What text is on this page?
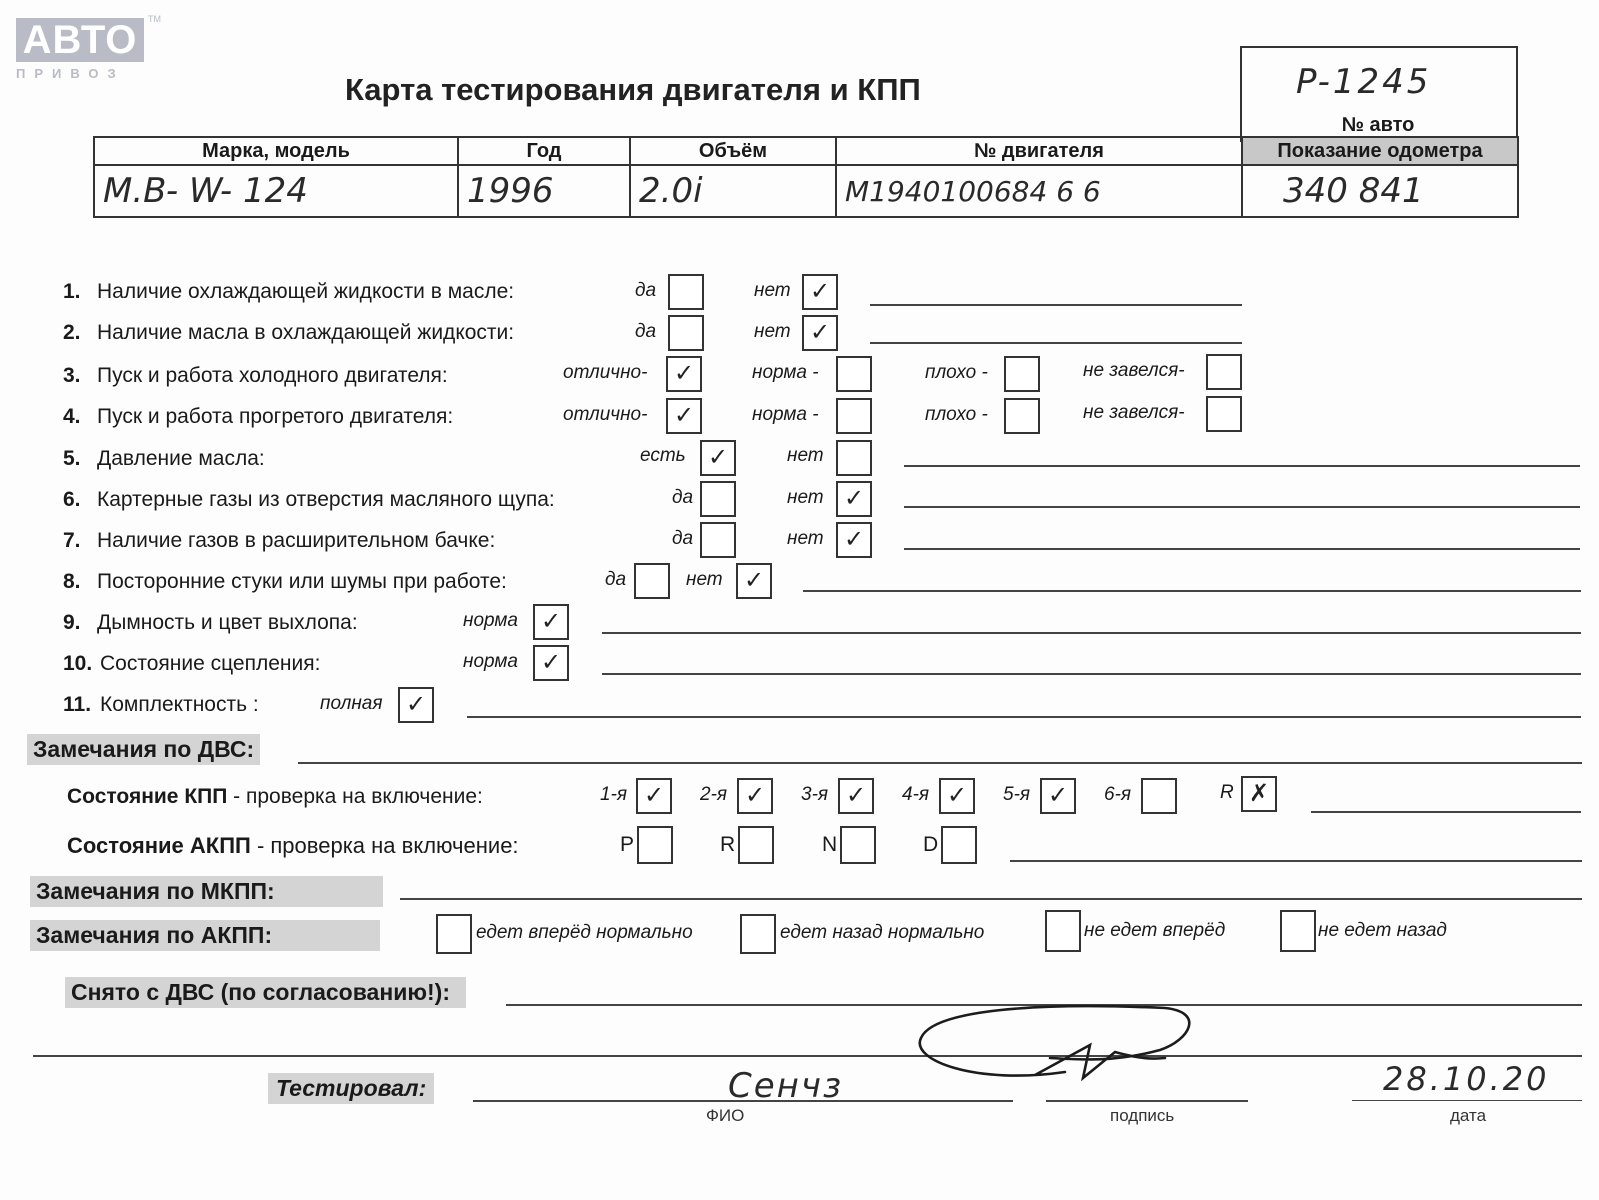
АВТО
ПРИВОЗ
TM
Карта тестирования двигателя и КПП	P-1245
№ авто
Марка, модель	Год	Объём	№ двигателя	Показание одометра
M.B- W- 124	1996	2.0i	M1940100684 6 6	340 841
1. Наличие охлаждающей жидкости в масле:	да	нет ✓
2. Наличие масла в охлаждающей жидкости:	да	нет ✓
3. Пуск и работа холодного двигателя:	отлично-	✓	норма -	плохо -	не завелся-
4. Пуск и работа прогретого двигателя:	отлично-	✓	норма -	плохо -	не завелся-
5. Давление масла:	есть ✓	нет
6. Картерные газы из отверстия масляного щупа:	да	нет ✓
7. Наличие газов в расширительном бачке:	да	нет ✓
8. Посторонние стуки или шумы при работе:	да	нет ✓
9. Дымность и цвет выхлопа:	норма ✓
10. Состояние сцепления:	норма ✓
11. Комплектность :	полная ✓
Замечания по ДВС:
Состояние КПП - проверка на включение:	1-я ✓	2-я ✓	3-я ✓	4-я ✓	5-я ✓	6-я	R ✗
Состояние АКПП - проверка на включение:	P	R	N	D
Замечания по МКПП:
Замечания по АКПП:	едет вперёд нормально	едет назад нормально	не едет вперёд	не едет назад
Снято с ДВС (по согласованию!):
Тестировал:	Сенчз
ФИО	подпись
28.10.20
дата
